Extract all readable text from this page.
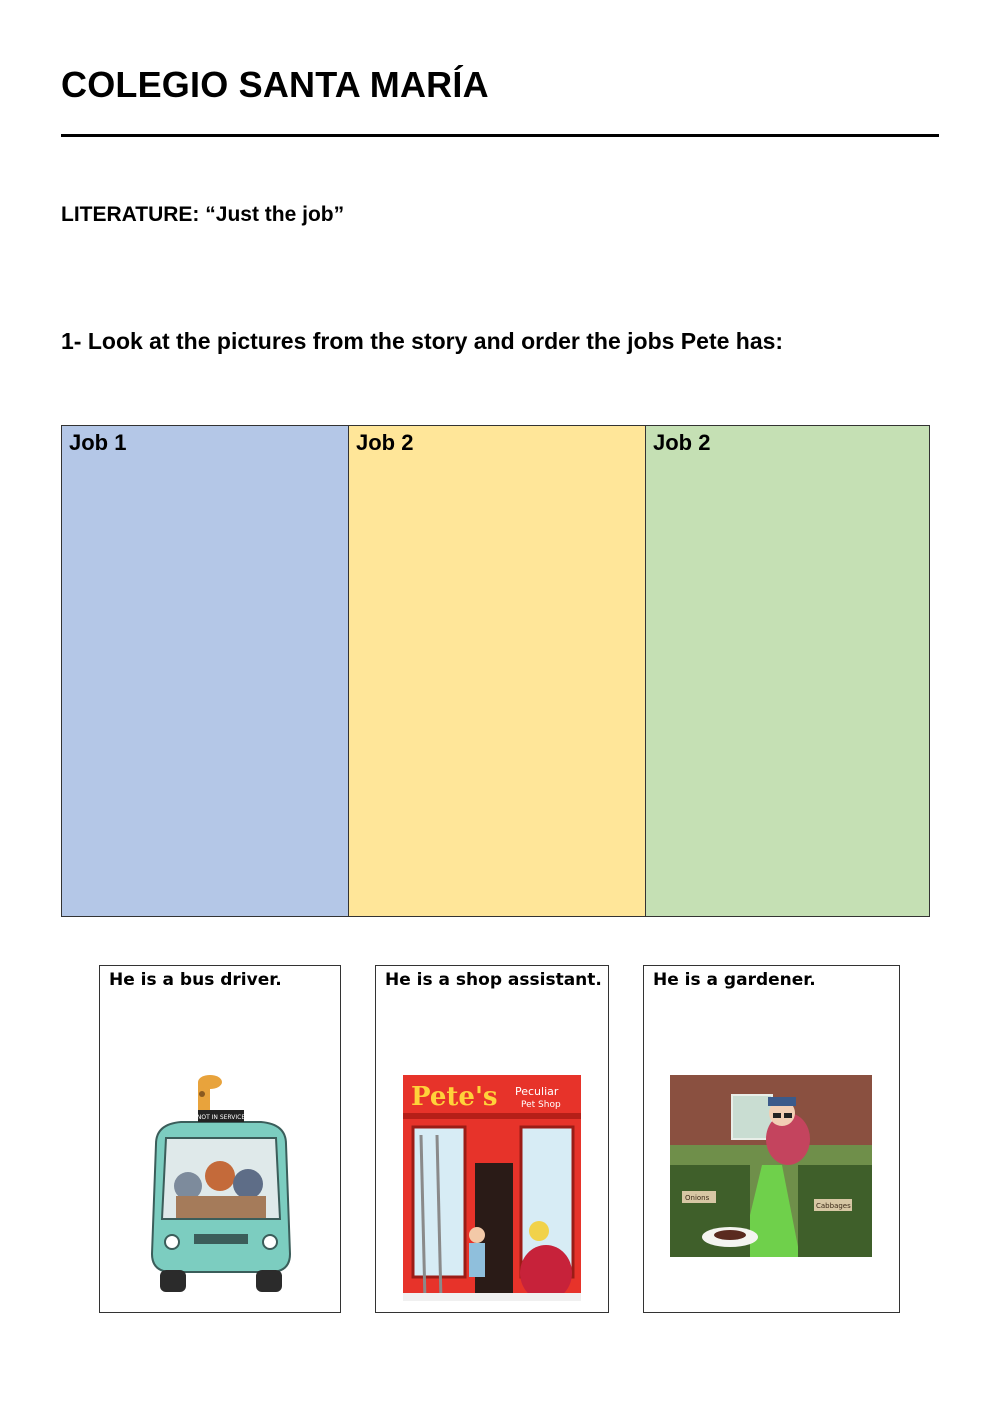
COLEGIO SANTA MARÍA
LITERATURE: “Just the job”
1- Look at the pictures from the story and order the jobs Pete has:
Job 1	Job 2	Job 2
He is a bus driver.
NOT IN SERVICE
He is a shop assistant.
Pete's Peculiar
Pet Shop
He is a gardener.
Onions
Cabbages
